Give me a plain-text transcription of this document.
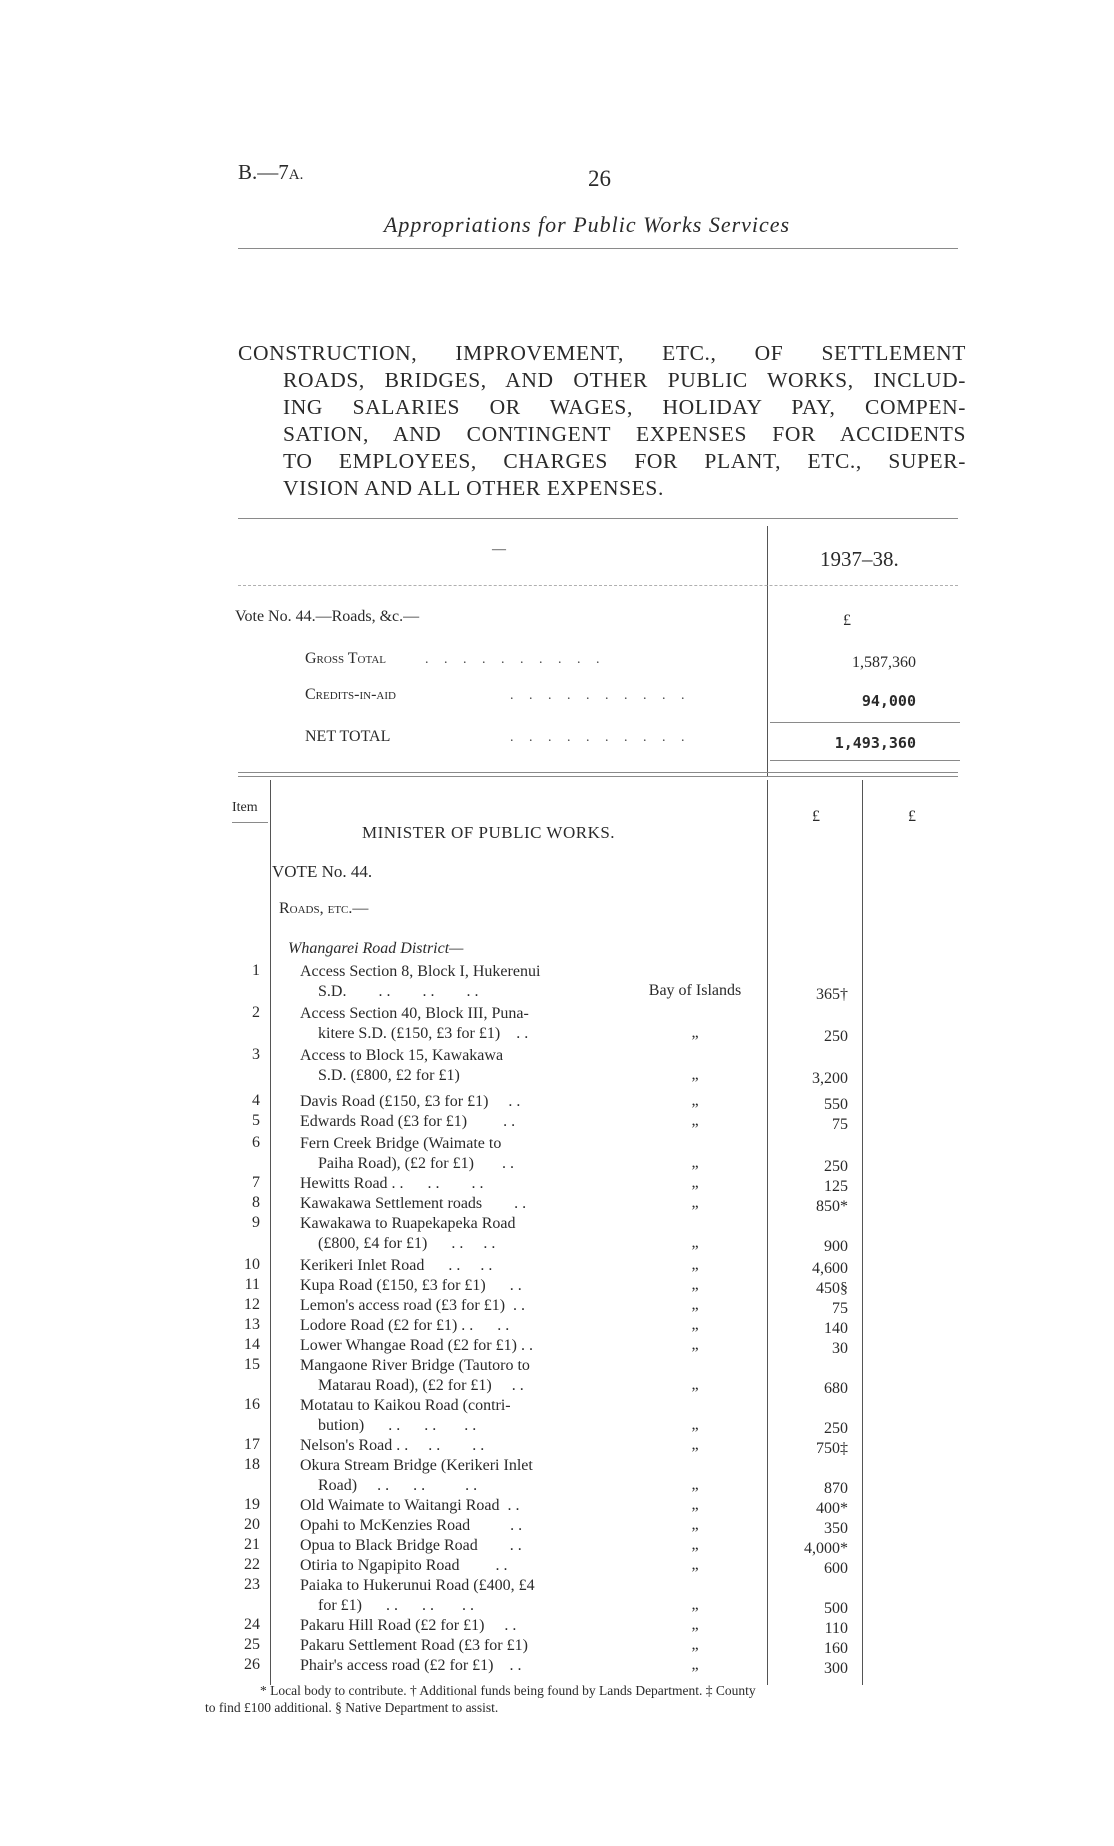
B.—7A.	26
Appropriations for Public Works Services

CONSTRUCTION, IMPROVEMENT, ETC., OF SETTLEMENT

ROADS, BRIDGES, AND OTHER PUBLIC WORKS, INCLUD-

ING SALARIES OR WAGES, HOLIDAY PAY, COMPEN-

SATION, AND CONTINGENT EXPENSES FOR ACCIDENTS

TO EMPLOYEES, CHARGES FOR PLANT, ETC., SUPER-

VISION AND ALL OTHER EXPENSES.

—	1937–38.
Vote No. 44.—Roads, &c.—	£
Gross Total	. . . . . . . . . .	1,587,360
Credits-in-aid	. . . . . . . . . .	94,000
NET TOTAL	. . . . . . . . . .	1,493,360
Item
£	£
MINISTER OF PUBLIC WORKS.
VOTE No. 44.
Roads, etc.—
Whangarei Road District—
1	Access Section 8, Block I, Hukerenui
S.D.        . .        . .        . .	Bay of Islands	365†
2	Access Section 40, Block III, Puna-
kitere S.D. (£150, £3 for £1)    . .	„	250
3	Access to Block 15, Kawakawa
S.D. (£800, £2 for £1)	„	3,200
4	Davis Road (£150, £3 for £1)     . .	„	550
5	Edwards Road (£3 for £1)         . .	„	75
6	Fern Creek Bridge (Waimate to
Paiha Road), (£2 for £1)       . .	„	250
7	Hewitts Road . .      . .        . .	„	125
8	Kawakawa Settlement roads        . .	„	850*
9	Kawakawa to Ruapekapeka Road
(£800, £4 for £1)      . .     . .	„	900
10	Kerikeri Inlet Road      . .     . .	„	4,600
11	Kupa Road (£150, £3 for £1)      . .	„	450§
12	Lemon's access road (£3 for £1)  . .	„	75
13	Lodore Road (£2 for £1) . .      . .	„	140
14	Lower Whangae Road (£2 for £1) . .	„	30
15	Mangaone River Bridge (Tautoro to
Matarau Road), (£2 for £1)     . .	„	680
16	Motatau to Kaikou Road (contri-
bution)      . .      . .       . .	„	250
17	Nelson's Road . .     . .        . .	„	750‡
18	Okura Stream Bridge (Kerikeri Inlet
Road)     . .      . .          . .	„	870
19	Old Waimate to Waitangi Road  . .	„	400*
20	Opahi to McKenzies Road          . .	„	350
21	Opua to Black Bridge Road        . .	„	4,000*
22	Otiria to Ngapipito Road         . .	„	600
23	Paiaka to Hukerunui Road (£400, £4
for £1)      . .      . .       . .	„	500
24	Pakaru Hill Road (£2 for £1)     . .	„	110
25	Pakaru Settlement Road (£3 for £1)	„	160
26	Phair's access road (£2 for £1)    . .	„	300
* Local body to contribute. † Additional funds being found by Lands Department. ‡ County
to find £100 additional. § Native Department to assist.
